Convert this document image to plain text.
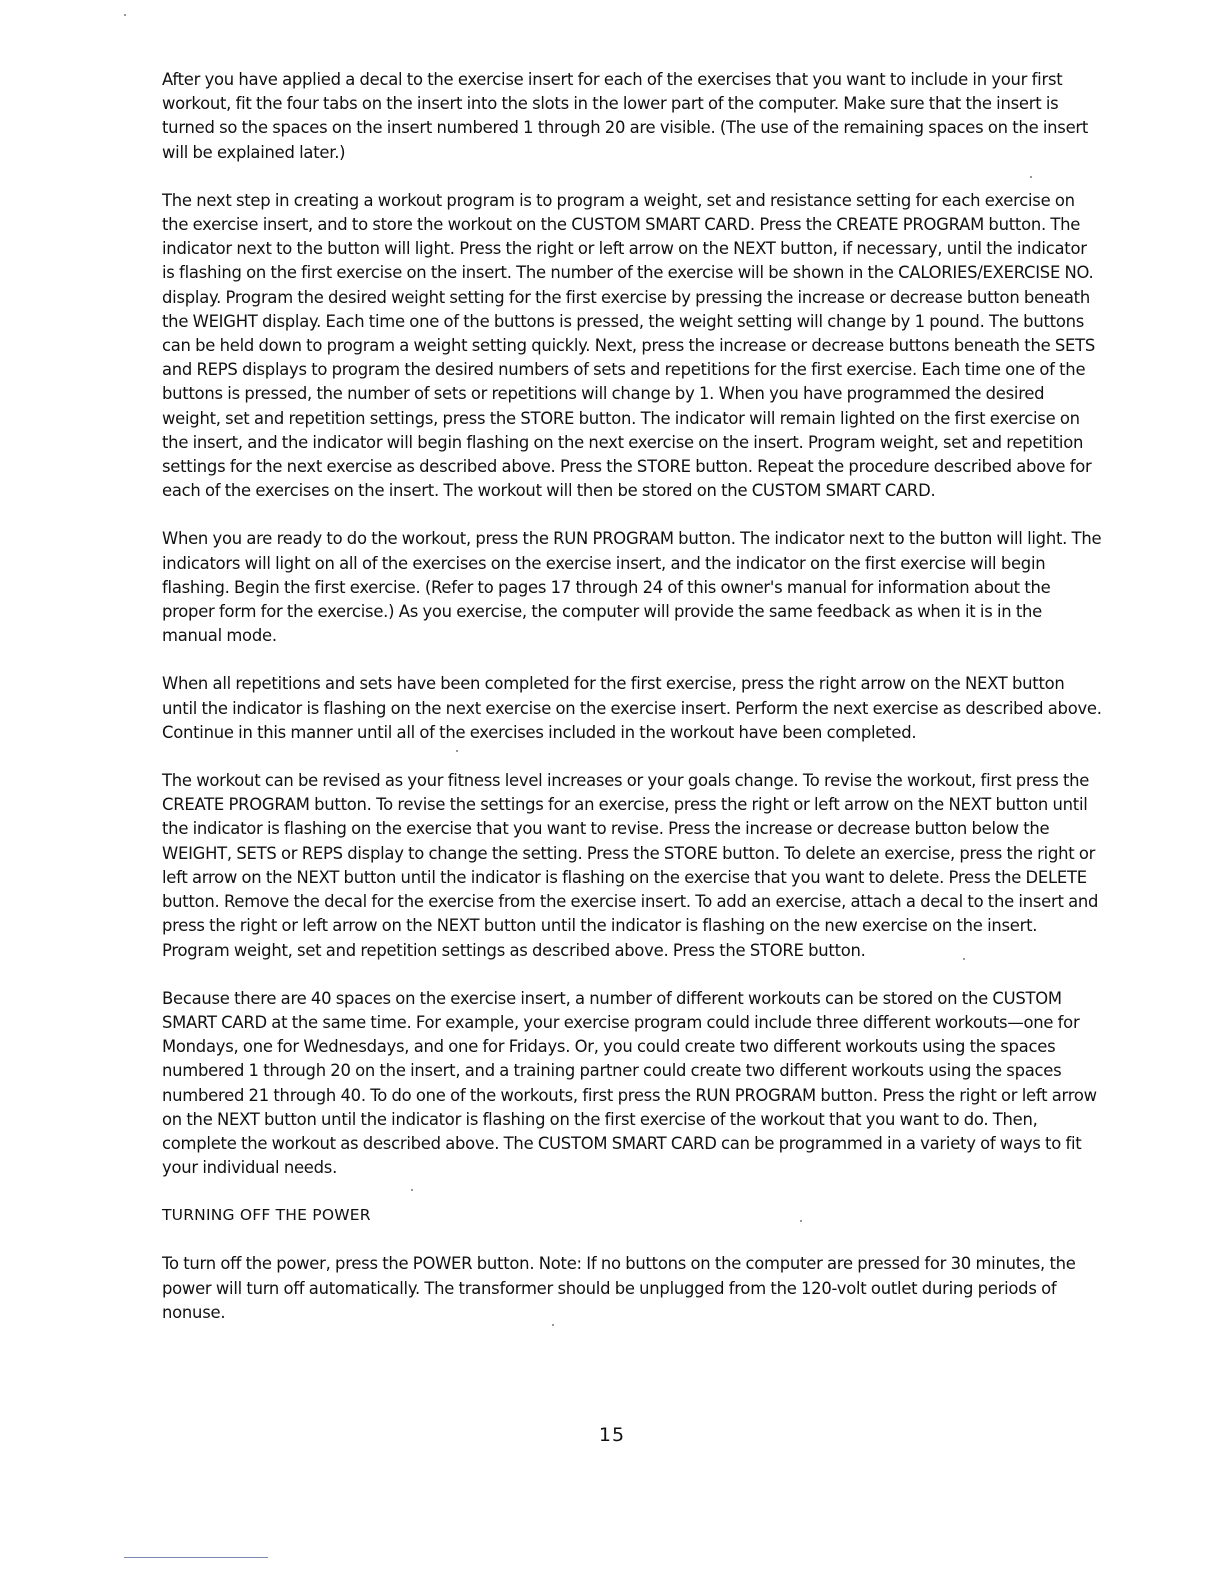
After you have applied a decal to the exercise insert for each of the exercises that you want to include in your first workout, fit the four tabs on the insert into the slots in the lower part of the computer. Make sure that the insert is turned so the spaces on the insert numbered 1 through 20 are visible. (The use of the remaining spaces on the insert will be explained later.)

The next step in creating a workout program is to program a weight, set and resistance setting for each exercise on the exercise insert, and to store the workout on the CUSTOM SMART CARD. Press the CREATE PROGRAM button. The indicator next to the button will light. Press the right or left arrow on the NEXT button, if necessary, until the indicator is flashing on the first exercise on the insert. The number of the exercise will be shown in the CALORIES/EXERCISE NO. display. Program the desired weight setting for the first exercise by pressing the increase or decrease button beneath the WEIGHT display. Each time one of the buttons is pressed, the weight setting will change by 1 pound. The buttons can be held down to program a weight setting quickly. Next, press the increase or decrease buttons beneath the SETS and REPS displays to program the desired numbers of sets and repetitions for the first exercise. Each time one of the buttons is pressed, the number of sets or repetitions will change by 1. When you have programmed the desired weight, set and repetition settings, press the STORE button. The indicator will remain lighted on the first exercise on the insert, and the indicator will begin flashing on the next exercise on the insert. Program weight, set and repetition settings for the next exercise as described above. Press the STORE button. Repeat the procedure described above for each of the exercises on the insert. The workout will then be stored on the CUSTOM SMART CARD.

When you are ready to do the workout, press the RUN PROGRAM button. The indicator next to the button will light. The indicators will light on all of the exercises on the exercise insert, and the indicator on the first exercise will begin flashing. Begin the first exercise. (Refer to pages 17 through 24 of this owner's manual for information about the proper form for the exercise.) As you exercise, the computer will provide the same feedback as when it is in the manual mode.

When all repetitions and sets have been completed for the first exercise, press the right arrow on the NEXT button until the indicator is flashing on the next exercise on the exercise insert. Perform the next exercise as described above. Continue in this manner until all of the exercises included in the workout have been completed.

The workout can be revised as your fitness level increases or your goals change. To revise the workout, first press the CREATE PROGRAM button. To revise the settings for an exercise, press the right or left arrow on the NEXT button until the indicator is flashing on the exercise that you want to revise. Press the increase or decrease button below the WEIGHT, SETS or REPS display to change the setting. Press the STORE button. To delete an exercise, press the right or left arrow on the NEXT button until the indicator is flashing on the exercise that you want to delete. Press the DELETE button. Remove the decal for the exercise from the exercise insert. To add an exercise, attach a decal to the insert and press the right or left arrow on the NEXT button until the indicator is flashing on the new exercise on the insert. Program weight, set and repetition settings as described above. Press the STORE button.

Because there are 40 spaces on the exercise insert, a number of different workouts can be stored on the CUSTOM SMART CARD at the same time. For example, your exercise program could include three different workouts—one for Mondays, one for Wednesdays, and one for Fridays. Or, you could create two different workouts using the spaces numbered 1 through 20 on the insert, and a training partner could create two different workouts using the spaces numbered 21 through 40. To do one of the workouts, first press the RUN PROGRAM button. Press the right or left arrow on the NEXT button until the indicator is flashing on the first exercise of the workout that you want to do. Then, complete the workout as described above. The CUSTOM SMART CARD can be programmed in a variety of ways to fit your individual needs.

TURNING OFF THE POWER

To turn off the power, press the POWER button. Note: If no buttons on the computer are pressed for 30 minutes, the power will turn off automatically. The transformer should be unplugged from the 120-volt outlet during periods of nonuse.

15
